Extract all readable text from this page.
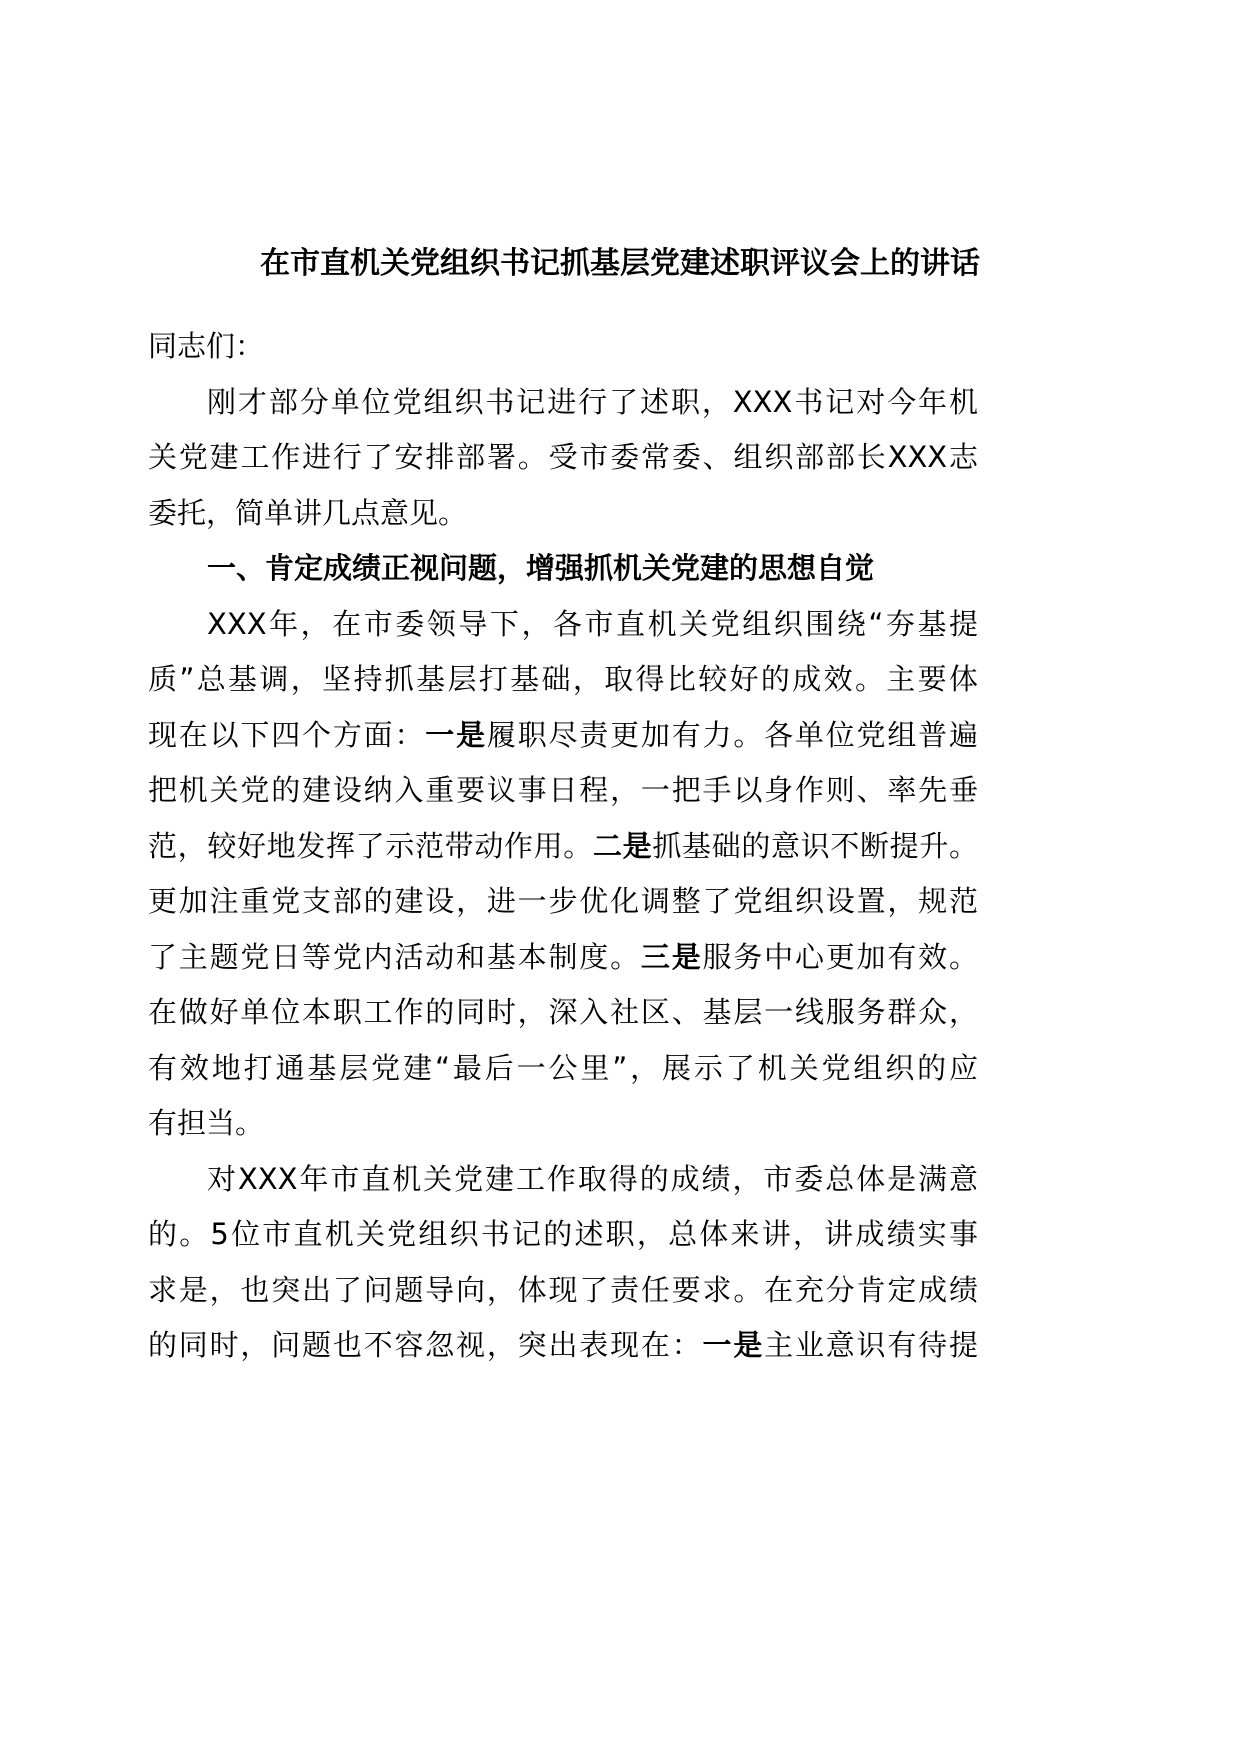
在市直机关党组织书记抓基层党建述职评议会上的讲话
同志们：
刚才部分单位党组织书记进行了述职，XXX书记对今年机
关党建工作进行了安排部署。受市委常委、组织部部长XXX志
委托，简单讲几点意见。
一、肯定成绩正视问题，增强抓机关党建的思想自觉
XXX年，在市委领导下，各市直机关党组织围绕“夯基提
质”总基调，坚持抓基层打基础，取得比较好的成效。主要体
现在以下四个方面：一是履职尽责更加有力。各单位党组普遍
把机关党的建设纳入重要议事日程，一把手以身作则、率先垂
范，较好地发挥了示范带动作用。二是抓基础的意识不断提升。
更加注重党支部的建设，进一步优化调整了党组织设置，规范
了主题党日等党内活动和基本制度。三是服务中心更加有效。
在做好单位本职工作的同时，深入社区、基层一线服务群众，
有效地打通基层党建“最后一公里”，展示了机关党组织的应
有担当。
对XXX年市直机关党建工作取得的成绩，市委总体是满意
的。5位市直机关党组织书记的述职，总体来讲，讲成绩实事
求是，也突出了问题导向，体现了责任要求。在充分肯定成绩
的同时，问题也不容忽视，突出表现在：一是主业意识有待提
